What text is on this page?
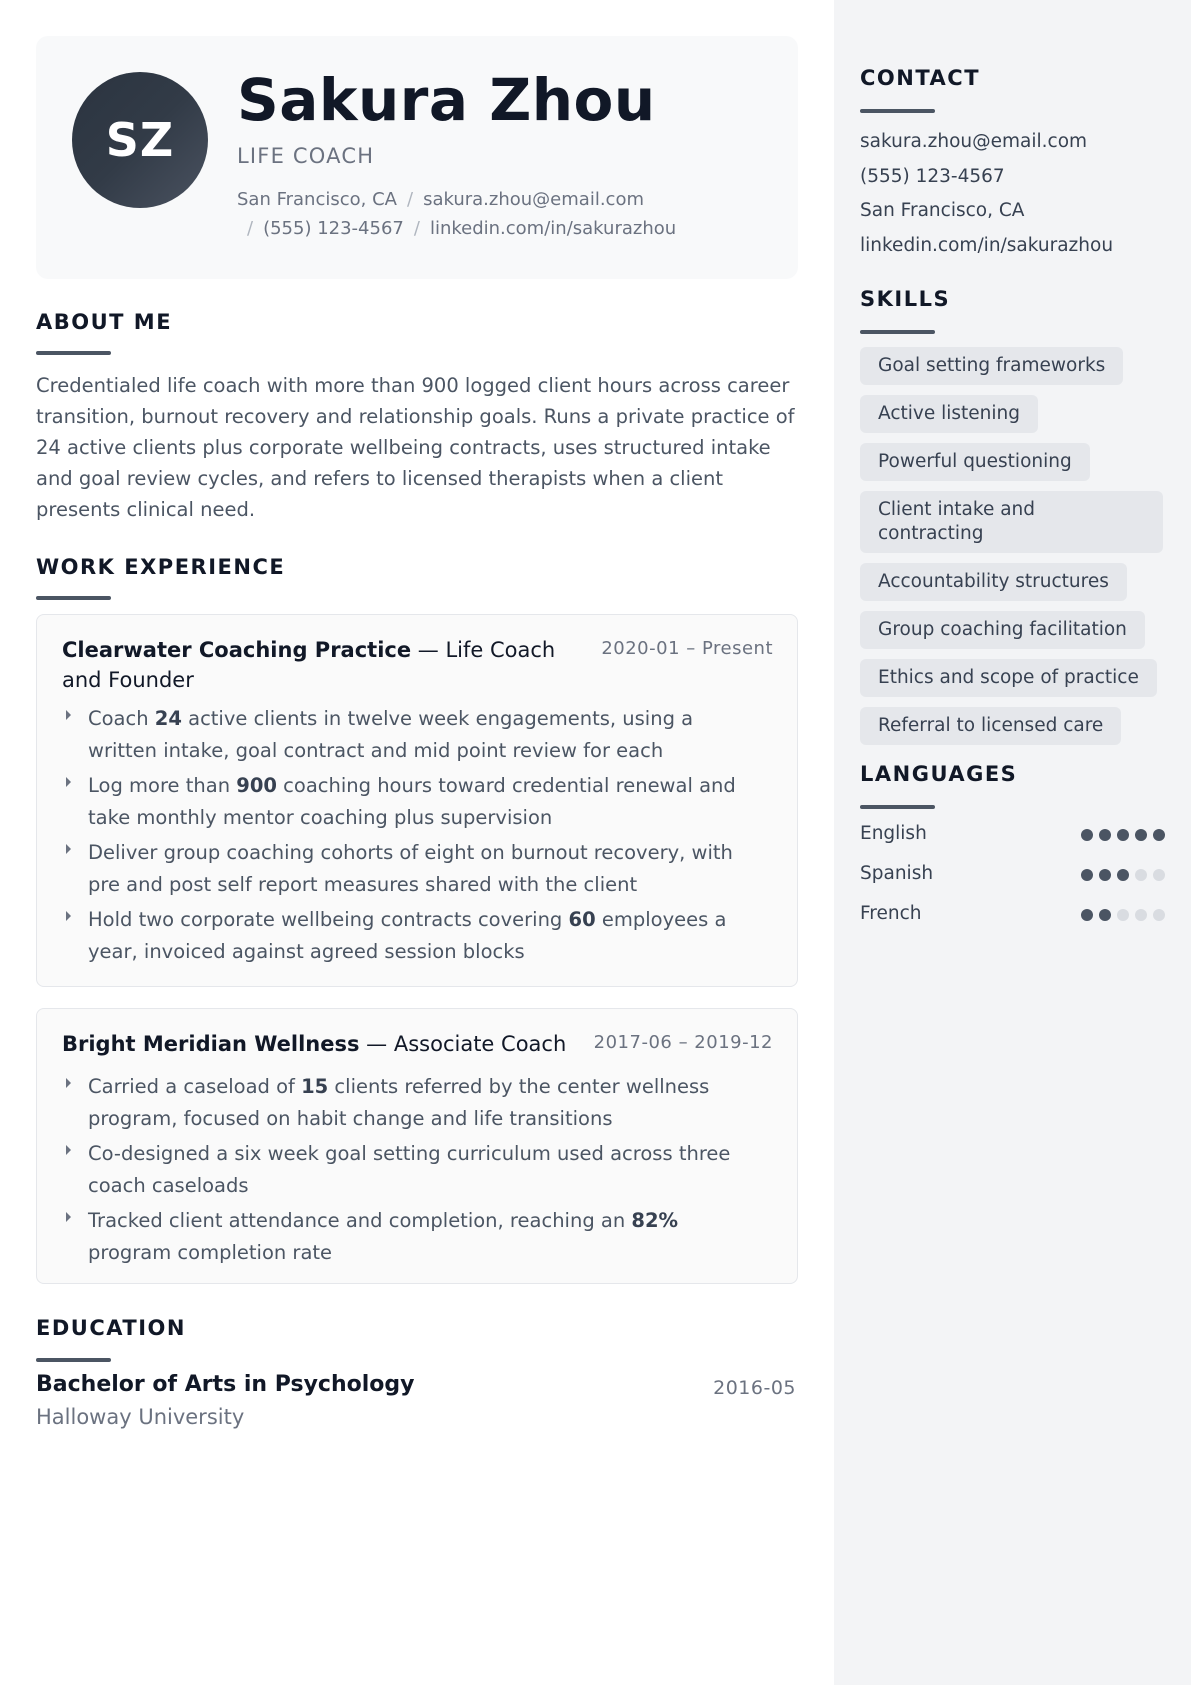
SZ
Sakura Zhou
LIFE COACH
San Francisco, CA / sakura.zhou@email.com
/ (555) 123-4567 / linkedin.com/in/sakurazhou
ABOUT ME

Credentialed life coach with more than 900 logged client hours across career transition, burnout recovery and relationship goals. Runs a private practice of 24 active clients plus corporate wellbeing contracts, uses structured intake and goal review cycles, and refers to licensed therapists when a client presents clinical need.

WORK EXPERIENCE
Clearwater Coaching Practice — Life Coach and Founder
2020-01 – Present
Coach 24 active clients in twelve week engagements, using a written intake, goal contract and mid point review for each
Log more than 900 coaching hours toward credential renewal and take monthly mentor coaching plus supervision
Deliver group coaching cohorts of eight on burnout recovery, with pre and post self report measures shared with the client
Hold two corporate wellbeing contracts covering 60 employees a year, invoiced against agreed session blocks
Bright Meridian Wellness — Associate Coach	2017-06 – 2019-12
Carried a caseload of 15 clients referred by the center wellness program, focused on habit change and life transitions
Co-designed a six week goal setting curriculum used across three coach caseloads
Tracked client attendance and completion, reaching an 82% program completion rate
EDUCATION
Bachelor of Arts in Psychology	2016-05
Halloway University
CONTACT
sakura.zhou@email.com
(555) 123-4567
San Francisco, CA
linkedin.com/in/sakurazhou
SKILLS
Goal setting frameworks
Active listening
Powerful questioning
Client intake and contracting
Accountability structures
Group coaching facilitation
Ethics and scope of practice
Referral to licensed care
LANGUAGES
English
Spanish
French
